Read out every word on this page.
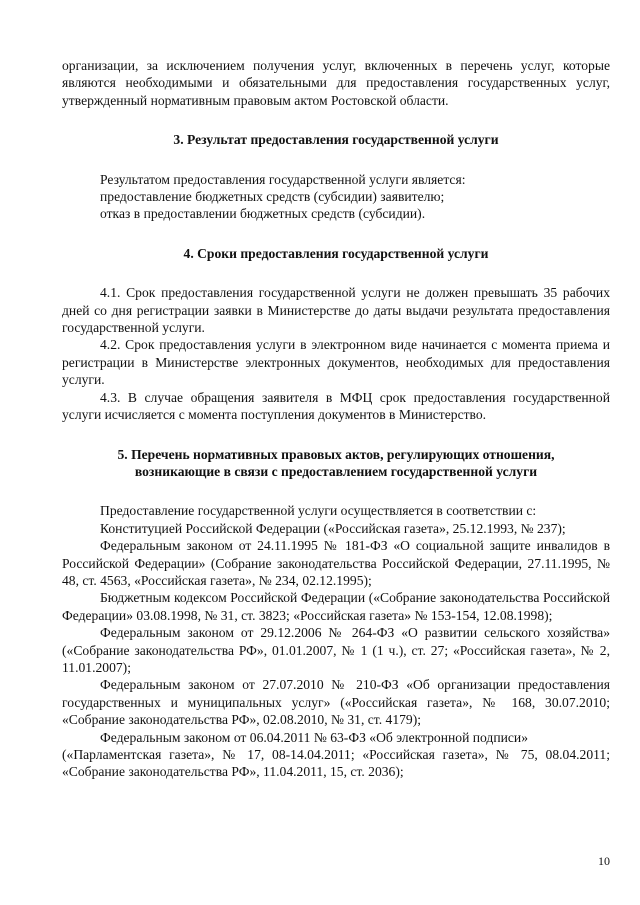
организации, за исключением получения услуг, включенных в перечень услуг, которые являются необходимыми и обязательными для предоставления государственных услуг, утвержденный нормативным правовым актом Ростовской области.

3. Результат предоставления государственной услуги

Результатом предоставления государственной услуги является:

предоставление бюджетных средств (субсидии) заявителю;

отказ в предоставлении бюджетных средств (субсидии).

4. Сроки предоставления государственной услуги

4.1. Срок предоставления государственной услуги не должен превышать 35 рабочих дней со дня регистрации заявки в Министерстве до даты выдачи результата предоставления государственной услуги.

4.2. Срок предоставления услуги в электронном виде начинается с момента приема и регистрации в Министерстве электронных документов, необходимых для предоставления услуги.

4.3. В случае обращения заявителя в МФЦ срок предоставления государственной услуги исчисляется с момента поступления документов в Министерство.

5. Перечень нормативных правовых актов, регулирующих отношения,
возникающие в связи с предоставлением государственной услуги

Предоставление государственной услуги осуществляется в соответствии с:

Конституцией Российской Федерации («Российская газета», 25.12.1993, № 237);

Федеральным законом от 24.11.1995 № 181-ФЗ «О социальной защите инвалидов в Российской Федерации» (Собрание законодательства Российской Федерации, 27.11.1995, № 48, ст. 4563, «Российская газета», № 234, 02.12.1995);

Бюджетным кодексом Российской Федерации («Собрание законодательства Российской Федерации» 03.08.1998, № 31, ст. 3823; «Российская газета» № 153-154, 12.08.1998);

Федеральным законом от 29.12.2006 № 264-ФЗ «О развитии сельского хозяйства» («Собрание законодательства РФ», 01.01.2007, № 1 (1 ч.), ст. 27; «Российская газета», № 2, 11.01.2007);

Федеральным законом от 27.07.2010 № 210-ФЗ «Об организации предоставления государственных и муниципальных услуг» («Российская газета», № 168, 30.07.2010; «Собрание законодательства РФ», 02.08.2010, № 31, ст. 4179);

Федеральным законом от 06.04.2011 № 63-ФЗ «Об электронной подписи»

(«Парламентская газета», № 17, 08-14.04.2011; «Российская газета», № 75, 08.04.2011; «Собрание законодательства РФ», 11.04.2011, 15, ст. 2036);

10
